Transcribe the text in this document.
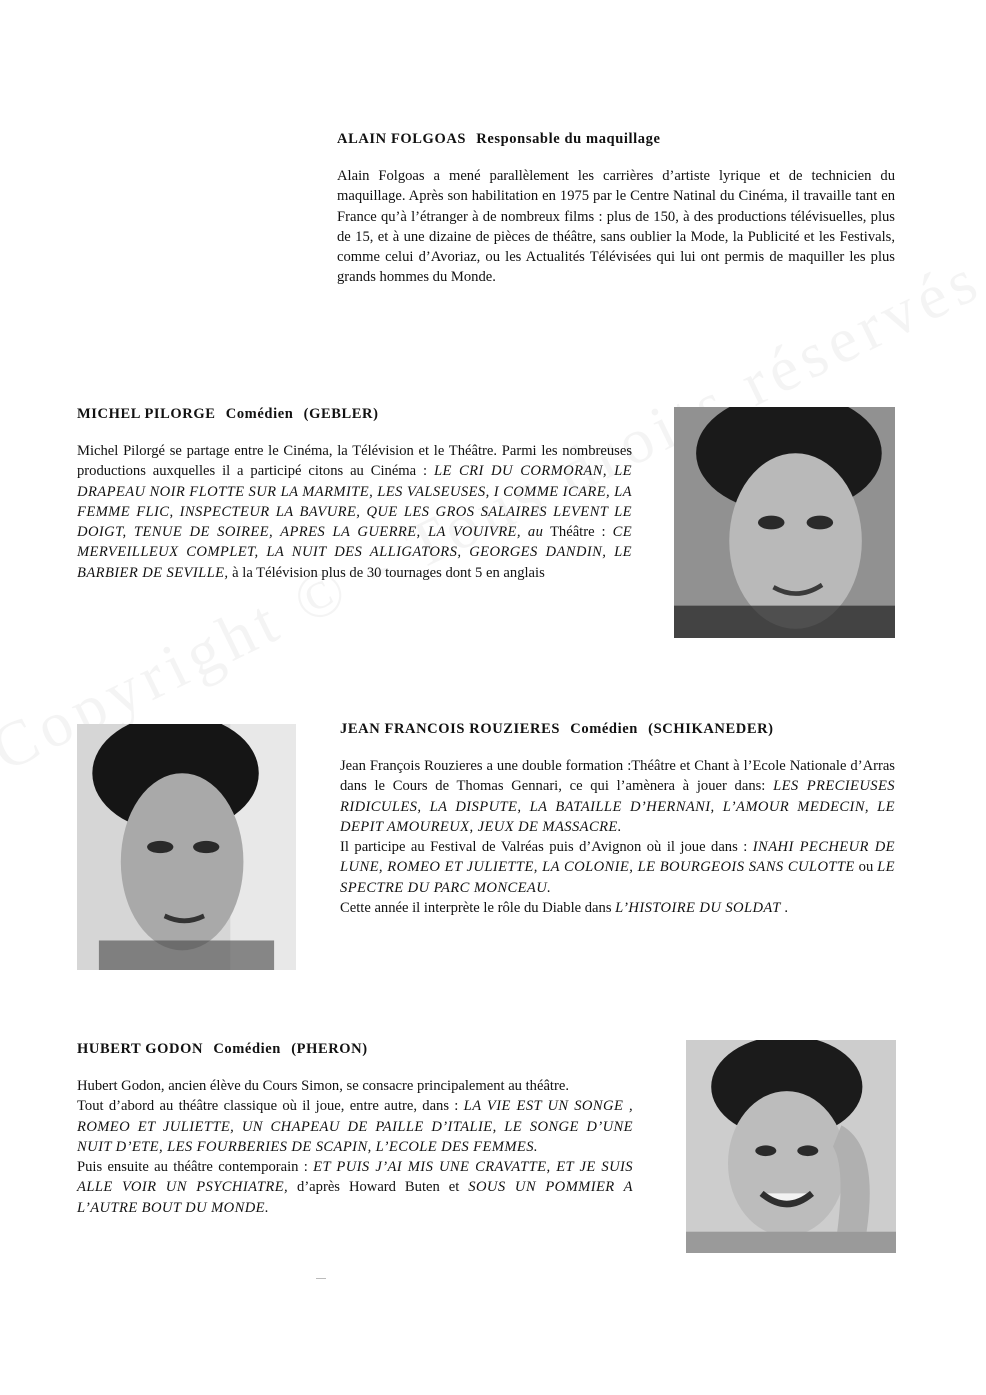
ALAIN FOLGOAS Responsable du maquillage

Alain Folgoas a mené parallèlement les carrières d’artiste lyrique et de technicien du maquillage. Après son habilitation en 1975 par le Centre Natinal du Cinéma, il travaille tant en France qu’à l’étranger à de nombreux films : plus de 150, à des productions télévisuelles, plus de 15, et à une dizaine de pièces de théâtre, sans oublier la Mode, la Publicité et les Festivals, comme celui d’Avoriaz, ou les Actualités Télévisées qui lui ont permis de maquiller les plus grands hommes du Monde.

MICHEL PILORGE Comédien (GEBLER)

Michel Pilorgé se partage entre le Cinéma, la Télévision et le Théâtre. Parmi les nombreuses productions auxquelles il a participé citons au Cinéma : LE CRI DU CORMORAN, LE DRAPEAU NOIR FLOTTE SUR LA MARMITE, LES VALSEUSES, I COMME ICARE, LA FEMME FLIC, INSPECTEUR LA BAVURE, QUE LES GROS SALAIRES LEVENT LE DOIGT, TENUE DE SOIREE, APRES LA GUERRE, LA VOUIVRE, au Théâtre : CE MERVEILLEUX COMPLET, LA NUIT DES ALLIGATORS, GEORGES DANDIN, LE BARBIER DE SEVILLE, à la Télévision plus de 30 tournages dont 5 en anglais

JEAN FRANCOIS ROUZIERES Comédien (SCHIKANEDER)

Jean François Rouzieres a une double formation :Théâtre et Chant à l’Ecole Nationale d’Arras dans le Cours de Thomas Gennari, ce qui l’amènera à jouer dans: LES PRECIEUSES RIDICULES, LA DISPUTE, LA BATAILLE D’HERNANI, L’AMOUR MEDECIN, LE DEPIT AMOUREUX, JEUX DE MASSACRE.

Il participe au Festival de Valréas puis d’Avignon où il joue dans : INAHI PECHEUR DE LUNE, ROMEO ET JULIETTE, LA COLONIE, LE BOURGEOIS SANS CULOTTE ou LE SPECTRE DU PARC MONCEAU.

Cette année il interprète le rôle du Diable dans L’HISTOIRE DU SOLDAT .

HUBERT GODON Comédien (PHERON)

Hubert Godon, ancien élève du Cours Simon, se consacre principalement au théâtre.

Tout d’abord au théâtre classique où il joue, entre autre, dans : LA VIE EST UN SONGE , ROMEO ET JULIETTE, UN CHAPEAU DE PAILLE D’ITALIE, LE SONGE D’UNE NUIT D’ETE, LES FOURBERIES DE SCAPIN, L’ECOLE DES FEMMES.

Puis ensuite au théâtre contemporain : ET PUIS J’AI MIS UNE CRAVATTE, ET JE SUIS ALLE VOIR UN PSYCHIATRE, d’après Howard Buten et SOUS UN POMMIER A L’AUTRE BOUT DU MONDE.
